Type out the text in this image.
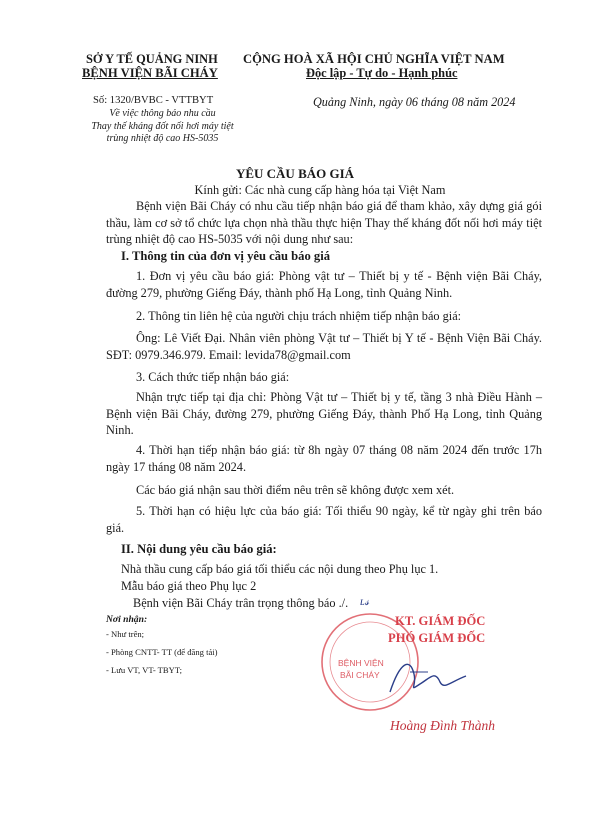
SỞ Y TẾ QUẢNG NINH
BỆNH VIỆN BÃI CHÁY
CỘNG HOÀ XÃ HỘI CHỦ NGHĨA VIỆT NAM
Độc lập - Tự do - Hạnh phúc
Số: 1320/BVBC - VTTBYT
Về việc thông báo nhu cầu
Thay thế kháng đốt nối hơi máy tiệt
trùng nhiệt độ cao HS-5035
Quảng Ninh, ngày 06 tháng 08 năm 2024
YÊU CẦU BÁO GIÁ
Kính gửi: Các nhà cung cấp hàng hóa tại Việt Nam
Bệnh viện Bãi Cháy có nhu cầu tiếp nhận báo giá để tham khảo, xây dựng giá gói thầu, làm cơ sở tổ chức lựa chọn nhà thầu thực hiện Thay thế kháng đốt nối hơi máy tiệt trùng nhiệt độ cao HS-5035 với nội dung như sau:
I. Thông tin của đơn vị yêu cầu báo giá
1. Đơn vị yêu cầu báo giá: Phòng vật tư – Thiết bị y tế - Bệnh viện Bãi Cháy, đường 279, phường Giếng Đáy, thành phố Hạ Long, tỉnh Quảng Ninh.
2. Thông tin liên hệ của người chịu trách nhiệm tiếp nhận báo giá:
Ông: Lê Viết Đại. Nhân viên phòng Vật tư – Thiết bị Y tế - Bệnh Viện Bãi Cháy. SĐT: 0979.346.979. Email: levida78@gmail.com
3. Cách thức tiếp nhận báo giá:
Nhận trực tiếp tại địa chỉ: Phòng Vật tư – Thiết bị y tế, tầng 3 nhà Điều Hành – Bệnh viện Bãi Cháy, đường 279, phường Giếng Đáy, thành Phố Hạ Long, tỉnh Quảng Ninh.
4. Thời hạn tiếp nhận báo giá: từ 8h ngày 07 tháng 08 năm 2024 đến trước 17h ngày 17 tháng 08 năm 2024.
Các báo giá nhận sau thời điểm nêu trên sẽ không được xem xét.
5. Thời hạn có hiệu lực của báo giá: Tối thiểu 90 ngày, kể từ ngày ghi trên báo giá.
II. Nội dung yêu cầu báo giá:
Nhà thầu cung cấp báo giá tối thiểu các nội dung theo Phụ lục 1.
Mẫu báo giá theo Phụ lục 2
Bệnh viện Bãi Cháy trân trọng thông báo ./. ʟ𝓈
Nơi nhận:
- Như trên;
- Phòng CNTT- TT (để đăng tải)
- Lưu VT, VT- TBYT;
BỆNH VIỆN
BÃI CHÁY
KT. GIÁM ĐỐC
PHÓ GIÁM ĐỐC
Hoàng Đình Thành
